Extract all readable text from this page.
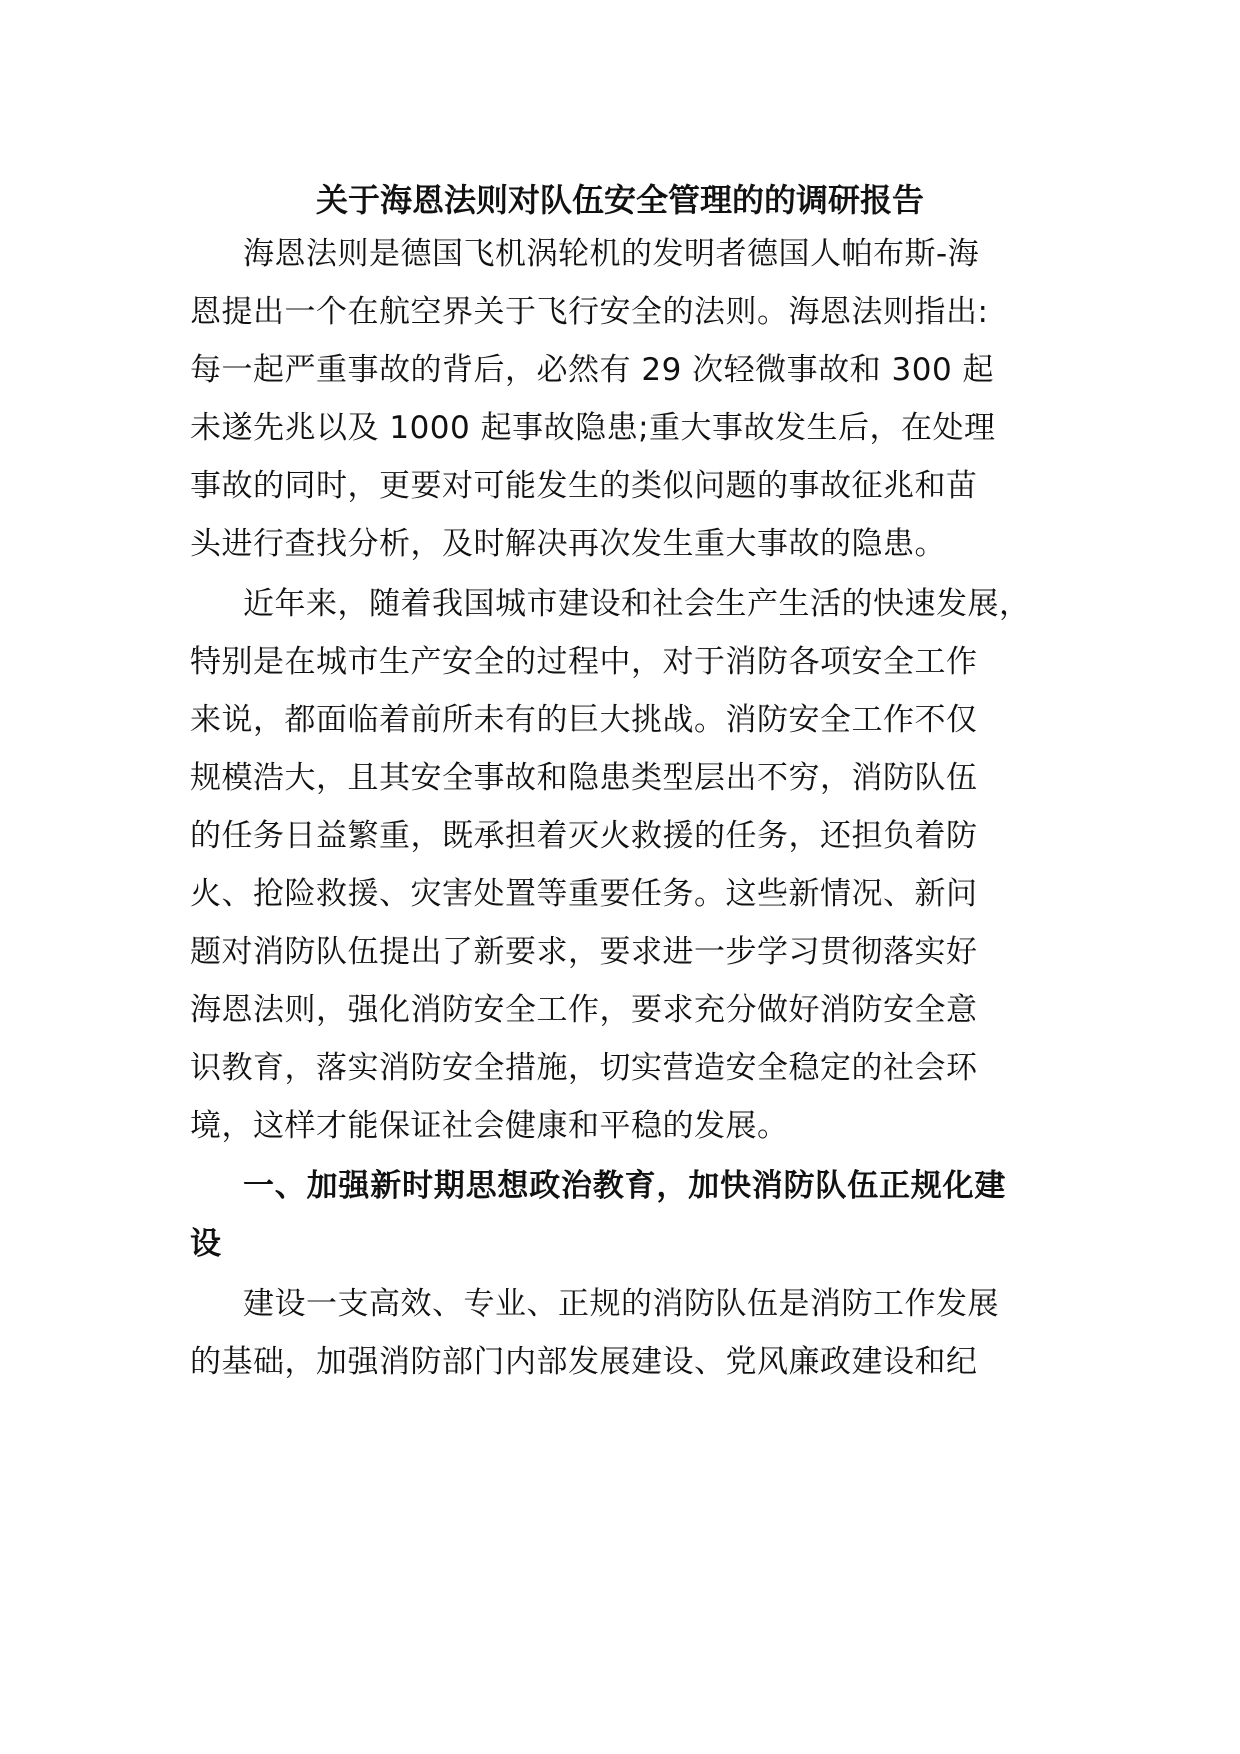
关于海恩法则对队伍安全管理的的调研报告
海恩法则是德国飞机涡轮机的发明者德国人帕布斯-海
恩提出一个在航空界关于飞行安全的法则。海恩法则指出:
每一起严重事故的背后，必然有 29 次轻微事故和 300 起
未遂先兆以及 1000 起事故隐患;重大事故发生后，在处理
事故的同时，更要对可能发生的类似问题的事故征兆和苗
头进行查找分析，及时解决再次发生重大事故的隐患。
近年来，随着我国城市建设和社会生产生活的快速发展，
特别是在城市生产安全的过程中，对于消防各项安全工作
来说，都面临着前所未有的巨大挑战。消防安全工作不仅
规模浩大，且其安全事故和隐患类型层出不穷，消防队伍
的任务日益繁重，既承担着灭火救援的任务，还担负着防
火、抢险救援、灾害处置等重要任务。这些新情况、新问
题对消防队伍提出了新要求，要求进一步学习贯彻落实好
海恩法则，强化消防安全工作，要求充分做好消防安全意
识教育，落实消防安全措施，切实营造安全稳定的社会环
境，这样才能保证社会健康和平稳的发展。
一、加强新时期思想政治教育，加快消防队伍正规化建
设
建设一支高效、专业、正规的消防队伍是消防工作发展
的基础，加强消防部门内部发展建设、党风廉政建设和纪
